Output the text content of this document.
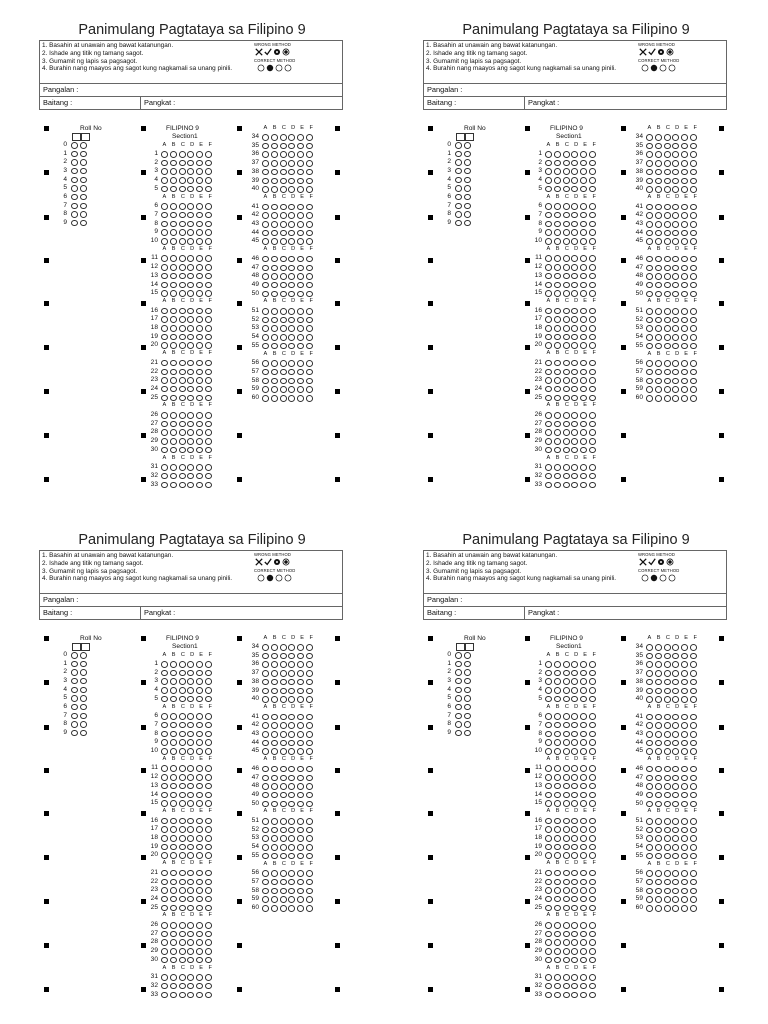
Panimulang Pagtataya sa Filipino 9
1. Basahin at unawain ang bawat katanungan.
2. Ishade ang titik ng tamang sagot.
3. Gumamit ng lapis sa pagsagot.
4. Burahin nang maayos ang sagot kung nagkamali sa unang pinili.
WRONG METHOD
CORRECT METHOD
Pangalan :
Baitang :	Pangkat :
Roll No
0
1
2
3
4
5
6
7
8
9
FILIPINO 9
Section1
A B C D E F
1
2
3
4
5
A B C D E F
6
7
8
9
10
A B C D E F
11
12
13
14
15
A B C D E F
16
17
18
19
20
A B C D E F
21
22
23
24
25
A B C D E F
26
27
28
29
30
A B C D E F
31
32
33
A B C D E F
34
35
36
37
38
39
40
A B C D E F
41
42
43
44
45
A B C D E F
46
47
48
49
50
A B C D E F
51
52
53
54
55
A B C D E F
56
57
58
59
60
Panimulang Pagtataya sa Filipino 9
1. Basahin at unawain ang bawat katanungan.
2. Ishade ang titik ng tamang sagot.
3. Gumamit ng lapis sa pagsagot.
4. Burahin nang maayos ang sagot kung nagkamali sa unang pinili.
WRONG METHOD
CORRECT METHOD
Pangalan :
Baitang :	Pangkat :
Roll No
0
1
2
3
4
5
6
7
8
9
FILIPINO 9
Section1
A B C D E F
1
2
3
4
5
A B C D E F
6
7
8
9
10
A B C D E F
11
12
13
14
15
A B C D E F
16
17
18
19
20
A B C D E F
21
22
23
24
25
A B C D E F
26
27
28
29
30
A B C D E F
31
32
33
A B C D E F
34
35
36
37
38
39
40
A B C D E F
41
42
43
44
45
A B C D E F
46
47
48
49
50
A B C D E F
51
52
53
54
55
A B C D E F
56
57
58
59
60
Panimulang Pagtataya sa Filipino 9
1. Basahin at unawain ang bawat katanungan.
2. Ishade ang titik ng tamang sagot.
3. Gumamit ng lapis sa pagsagot.
4. Burahin nang maayos ang sagot kung nagkamali sa unang pinili.
WRONG METHOD
CORRECT METHOD
Pangalan :
Baitang :	Pangkat :
Roll No
0
1
2
3
4
5
6
7
8
9
FILIPINO 9
Section1
A B C D E F
1
2
3
4
5
A B C D E F
6
7
8
9
10
A B C D E F
11
12
13
14
15
A B C D E F
16
17
18
19
20
A B C D E F
21
22
23
24
25
A B C D E F
26
27
28
29
30
A B C D E F
31
32
33
A B C D E F
34
35
36
37
38
39
40
A B C D E F
41
42
43
44
45
A B C D E F
46
47
48
49
50
A B C D E F
51
52
53
54
55
A B C D E F
56
57
58
59
60
Panimulang Pagtataya sa Filipino 9
1. Basahin at unawain ang bawat katanungan.
2. Ishade ang titik ng tamang sagot.
3. Gumamit ng lapis sa pagsagot.
4. Burahin nang maayos ang sagot kung nagkamali sa unang pinili.
WRONG METHOD
CORRECT METHOD
Pangalan :
Baitang :	Pangkat :
Roll No
0
1
2
3
4
5
6
7
8
9
FILIPINO 9
Section1
A B C D E F
1
2
3
4
5
A B C D E F
6
7
8
9
10
A B C D E F
11
12
13
14
15
A B C D E F
16
17
18
19
20
A B C D E F
21
22
23
24
25
A B C D E F
26
27
28
29
30
A B C D E F
31
32
33
A B C D E F
34
35
36
37
38
39
40
A B C D E F
41
42
43
44
45
A B C D E F
46
47
48
49
50
A B C D E F
51
52
53
54
55
A B C D E F
56
57
58
59
60
